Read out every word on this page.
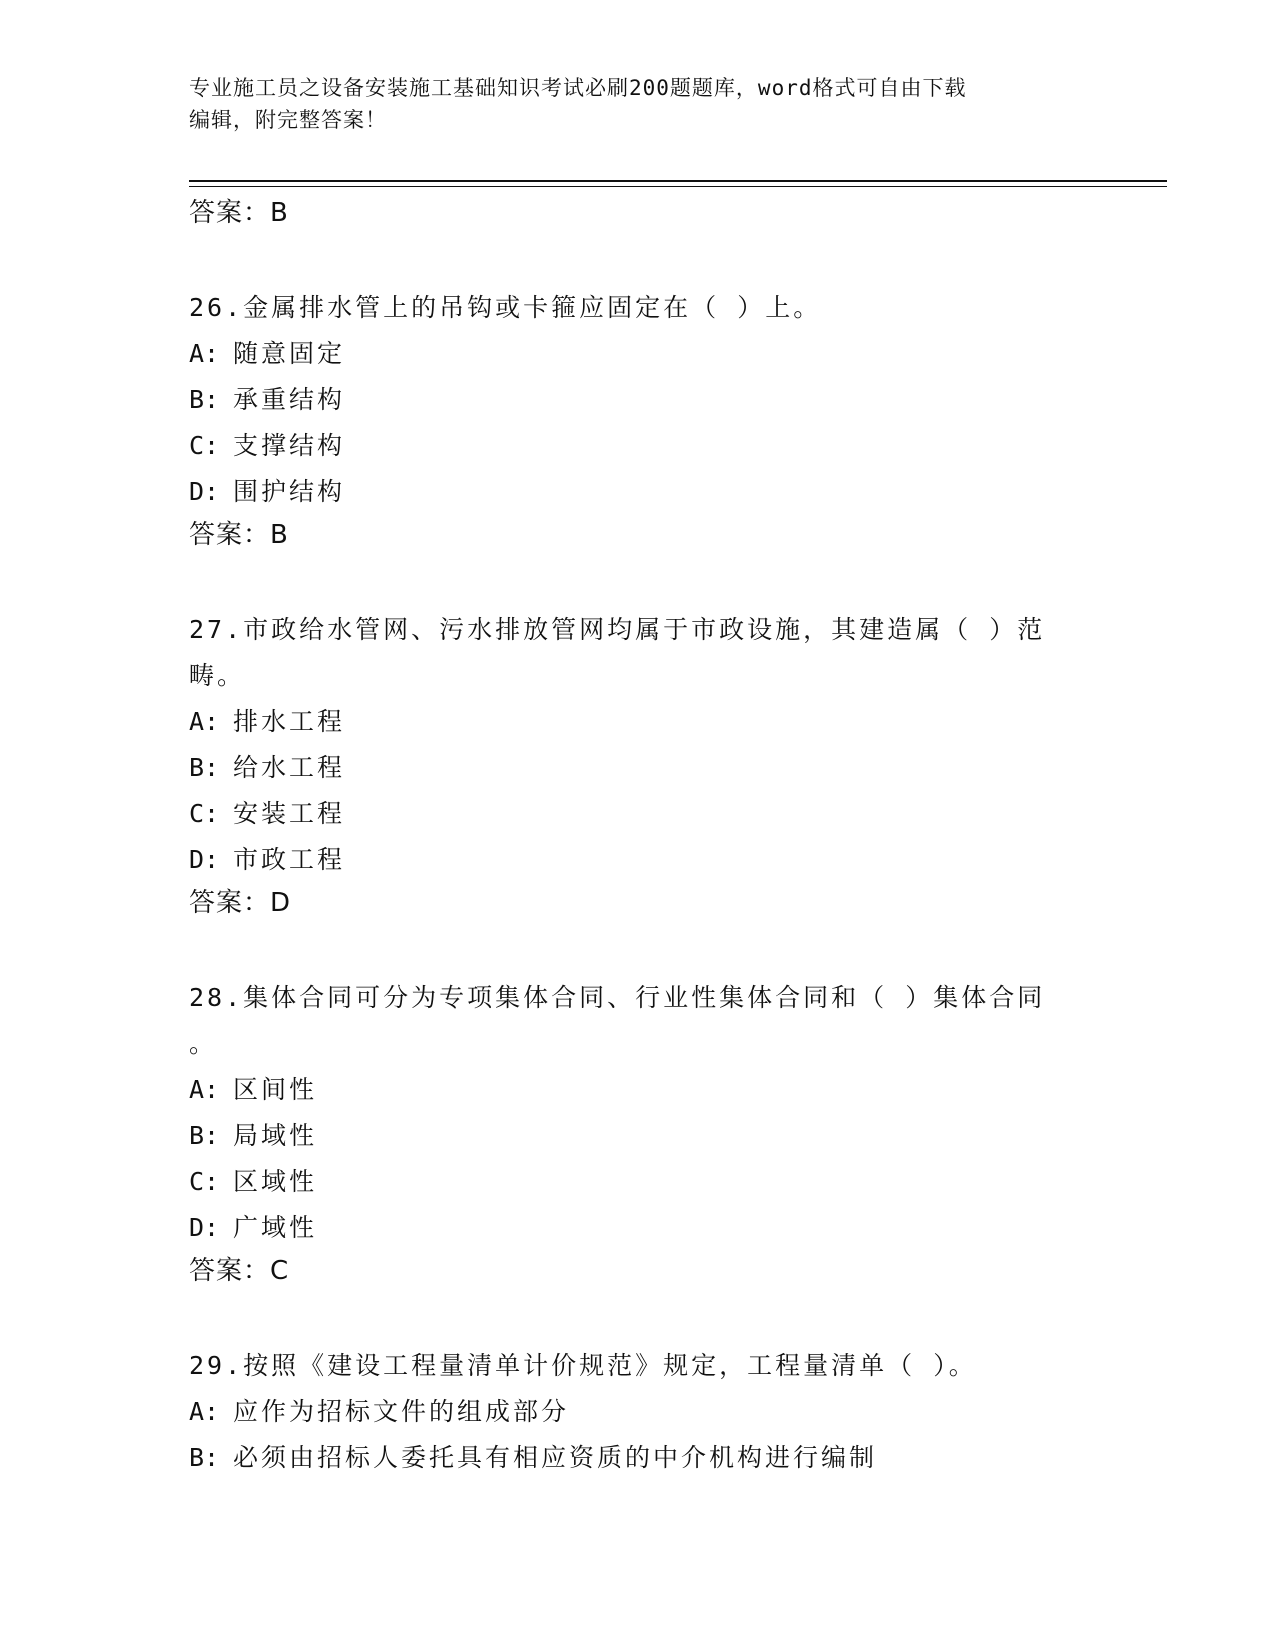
专业施工员之设备安装施工基础知识考试必刷200题题库，word格式可自由下载
编辑，附完整答案！
答案：B
26.金属排水管上的吊钩或卡箍应固定在（ ）上。
A: 随意固定
B: 承重结构
C: 支撑结构
D: 围护结构
答案：B
27.市政给水管网、污水排放管网均属于市政设施，其建造属（ ）范
畴。
A: 排水工程
B: 给水工程
C: 安装工程
D: 市政工程
答案：D
28.集体合同可分为专项集体合同、行业性集体合同和（ ）集体合同
。
A: 区间性
B: 局域性
C: 区域性
D: 广域性
答案：C
29.按照《建设工程量清单计价规范》规定，工程量清单（ ）。
A: 应作为招标文件的组成部分
B: 必须由招标人委托具有相应资质的中介机构进行编制
